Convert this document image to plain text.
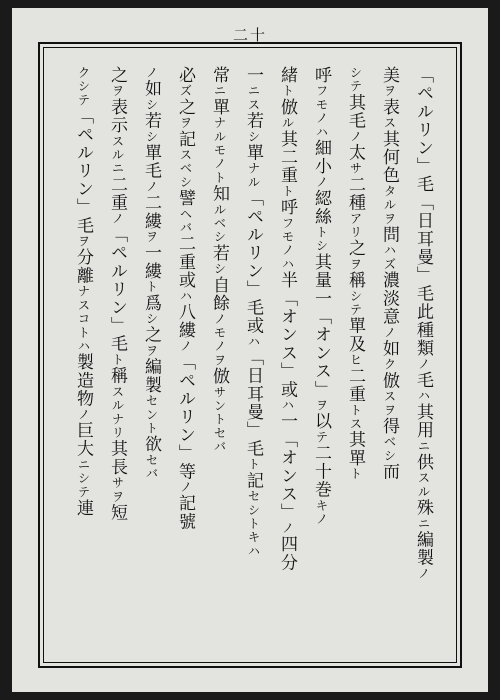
二十
「ペルリン」毛「日耳曼」毛此種類ノ毛ハ其用ニ供スル殊ニ編製ノ
美ヲ表ス其何色タルヲ問ハズ濃淡意ノ如ク倣スヲ得ベシ而
シテ其毛ノ太サ二種アリ之ヲ稱シテ單及ヒ二重トス其單ト
呼フモノハ細小ノ綛絲トシ其量一「オンス」ヲ以テ二十巻キノ
緒ト倣ル其二重ト呼フモノハ半「オンス」或ハ一「オンス」ノ四分
一ニス若シ單ナル「ペルリン」毛或ハ「日耳曼」毛ト記セシトキハ
常ニ單ナルモノト知ルベシ若シ自餘ノモノヲ倣サントセバ
必ズ之ヲ記スベシ譬ヘバ二重或ハ八縷ノ「ペルリン」等ノ記號
ノ如シ若シ單毛ノ二縷ヲ一縷ト爲シ之ヲ編製セント欲セバ
之ヲ表示スルニ二重ノ「ペルリン」毛ト稱スルナリ其長サヲ短
クシテ「ペルリン」毛ヲ分離ナスコトハ製造物ノ巨大ニシテ連
